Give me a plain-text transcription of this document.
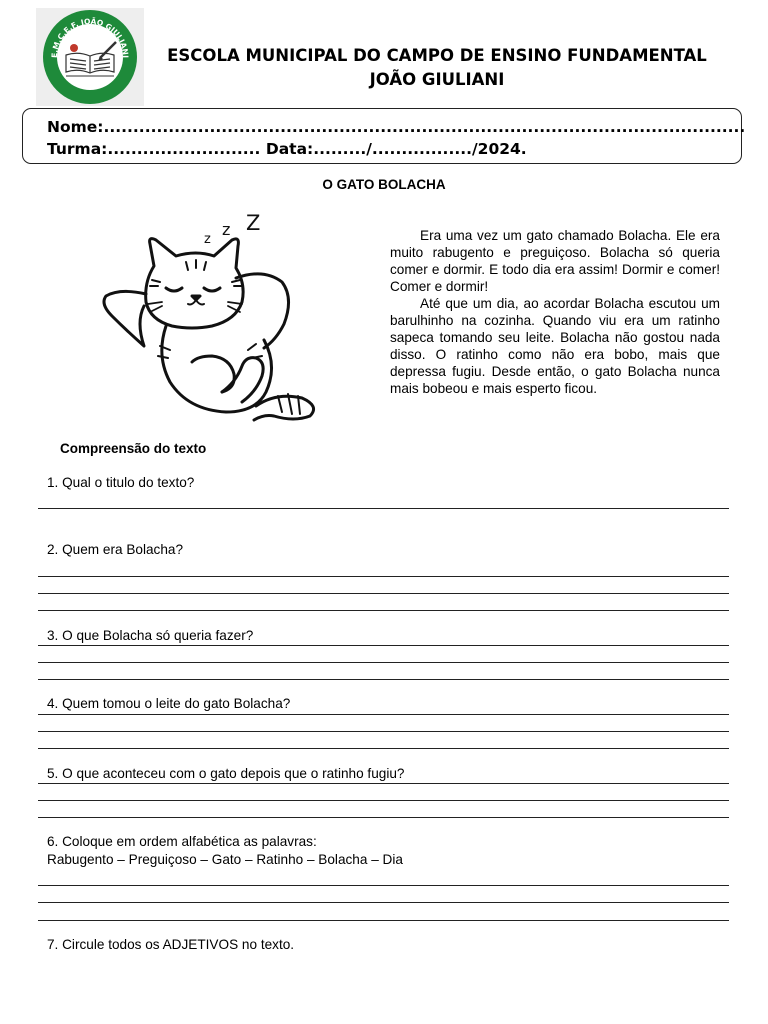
E.M.C.E.F. JOÃO GIULIANI	ESCOLA MUNICIPAL DO CAMPO DE ENSINO FUNDAMENTAL
JOÃO GIULIANI
Nome:.............................................................................................................
Turma:.......................... Data:........./................./2024.
O GATO BOLACHA
z
z Z

Era uma vez um gato chamado Bolacha. Ele era muito rabugento e preguiçoso. Bolacha só queria comer e dormir. E todo dia era assim! Dormir e comer! Comer e dormir!

Até que um dia, ao acordar Bolacha escutou um barulhinho na cozinha. Quando viu era um ratinho sapeca tomando seu leite. Bolacha não gostou nada disso. O ratinho como não era bobo, mais que depressa fugiu. Desde então, o gato Bolacha nunca mais bobeou e mais esperto ficou.

Compreensão do texto
1. Qual o titulo do texto?
2. Quem era Bolacha?
3. O que Bolacha só queria fazer?
4. Quem tomou o leite do gato Bolacha?
5. O que aconteceu com o gato depois que o ratinho fugiu?
6. Coloque em ordem alfabética as palavras:
Rabugento – Preguiçoso – Gato – Ratinho – Bolacha – Dia
7. Circule todos os ADJETIVOS no texto.
